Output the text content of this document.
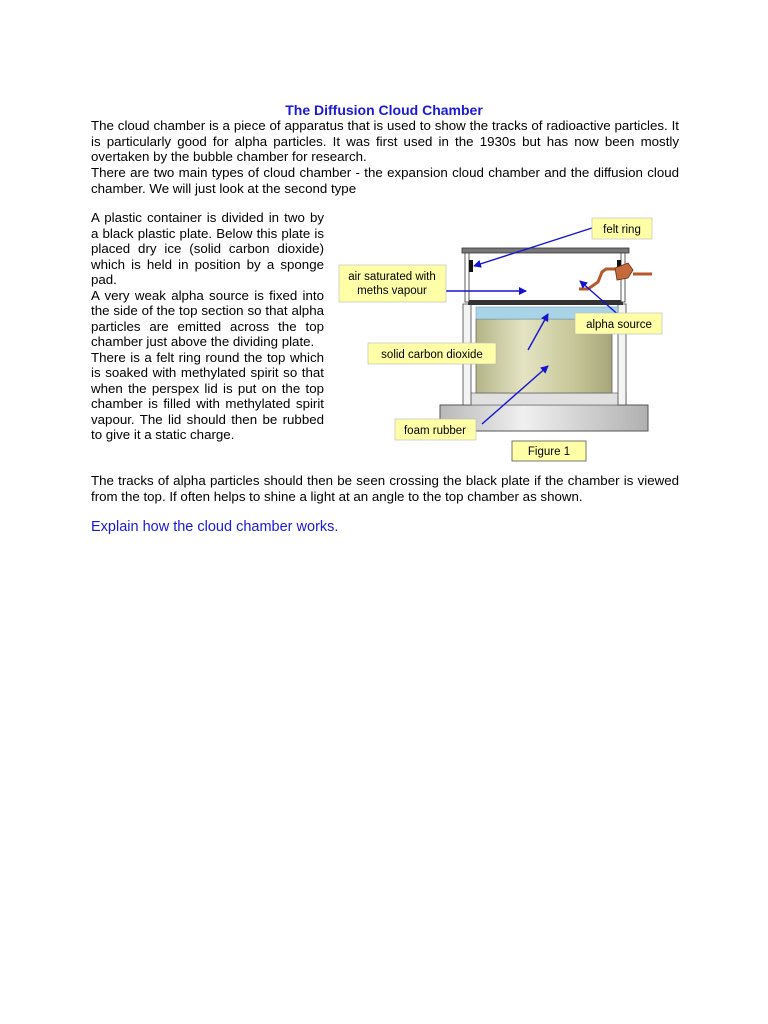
The Diffusion Cloud Chamber

The cloud chamber is a piece of apparatus that is used to show the tracks of radioactive particles. It is particularly good for alpha particles. It was first used in the 1930s but has now been mostly overtaken by the bubble chamber for research.

There are two main types of cloud chamber - the expansion cloud chamber and the diffusion cloud chamber. We will just look at the second type

A plastic container is divided in two by a black plastic plate. Below this plate is placed dry ice (solid carbon dioxide) which is held in position by a sponge pad.

A very weak alpha source is fixed into the side of the top section so that alpha particles are emitted across the top chamber just above the dividing plate.

There is a felt ring round the top which is soaked with methylated spirit so that when the perspex lid is put on the top chamber is filled with methylated spirit vapour. The lid should then be rubbed to give it a static charge.

felt ring
air saturated with
meths vapour
alpha source
solid carbon dioxide
foam rubber
Figure 1

The tracks of alpha particles should then be seen crossing the black plate if the chamber is viewed from the top. If often helps to shine a light at an angle to the top chamber as shown.

Explain how the cloud chamber works.
